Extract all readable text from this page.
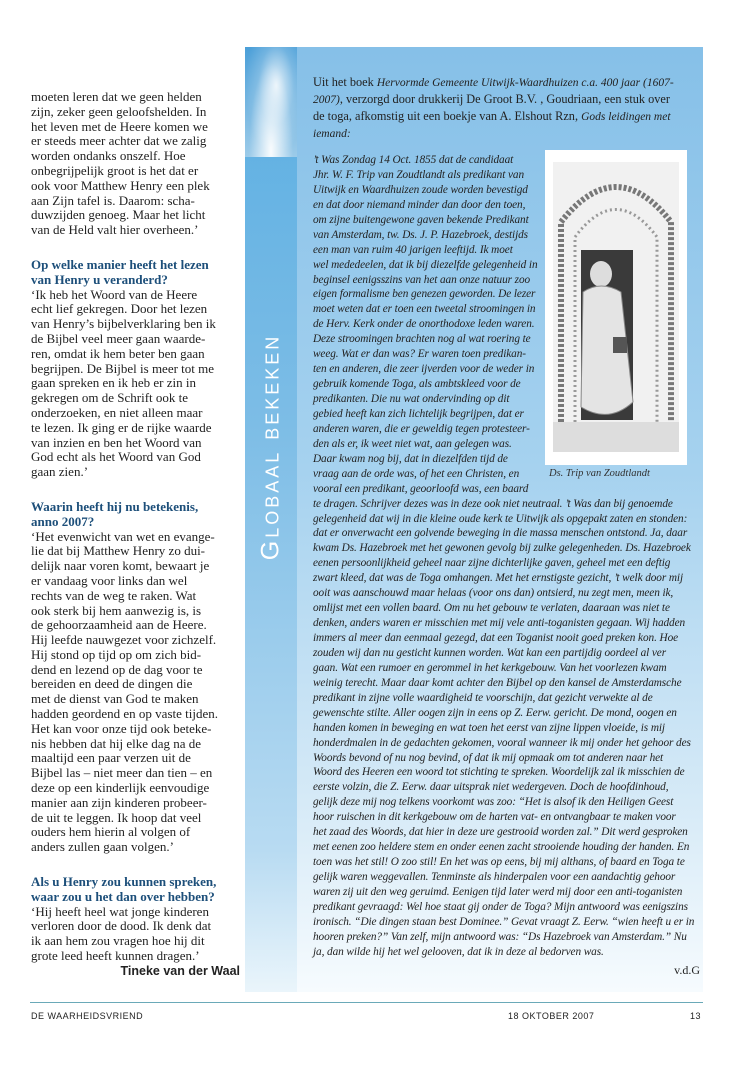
moeten leren dat we geen helden
zijn, zeker geen geloofshelden. In
het leven met de Heere komen we
er steeds meer achter dat we zalig
worden ondanks onszelf. Hoe
onbegrijpelijk groot is het dat er
ook voor Matthew Henry een plek
aan Zijn tafel is. Daarom: scha-
duwzijden genoeg. Maar het licht
van de Held valt hier overheen.’
Op welke manier heeft het lezen
van Henry u veranderd?
‘Ik heb het Woord van de Heere
echt lief gekregen. Door het lezen
van Henry’s bijbelverklaring ben ik
de Bijbel veel meer gaan waarde-
ren, omdat ik hem beter ben gaan
begrijpen. De Bijbel is meer tot me
gaan spreken en ik heb er zin in
gekregen om de Schrift ook te
onderzoeken, en niet alleen maar
te lezen. Ik ging er de rijke waarde
van inzien en ben het Woord van
God echt als het Woord van God
gaan zien.’
Waarin heeft hij nu betekenis,
anno 2007?
‘Het evenwicht van wet en evange-
lie dat bij Matthew Henry zo dui-
delijk naar voren komt, bewaart je
er vandaag voor links dan wel
rechts van de weg te raken. Wat
ook sterk bij hem aanwezig is, is
de gehoorzaamheid aan de Heere.
Hij leefde nauwgezet voor zichzelf.
Hij stond op tijd op om zich bid-
dend en lezend op de dag voor te
bereiden en deed de dingen die
met de dienst van God te maken
hadden geordend en op vaste tijden.
Het kan voor onze tijd ook beteke-
nis hebben dat hij elke dag na de
maaltijd een paar verzen uit de
Bijbel las – niet meer dan tien – en
deze op een kinderlijk eenvoudige
manier aan zijn kinderen probeer-
de uit te leggen. Ik hoop dat veel
ouders hem hierin al volgen of
anders zullen gaan volgen.’
Als u Henry zou kunnen spreken,
waar zou u het dan over hebben?
‘Hij heeft heel wat jonge kinderen
verloren door de dood. Ik denk dat
ik aan hem zou vragen hoe hij dit
grote leed heeft kunnen dragen.’
Tineke van der Waal
Globaal bekeken
Uit het boek Hervormde Gemeente Uitwijk-Waardhuizen c.a. 400 jaar (1607-
2007), verzorgd door drukkerij De Groot B.V. , Goudriaan, een stuk over
de toga, afkomstig uit een boekje van A. Elshout Rzn, Gods leidingen met
iemand:
’t Was Zondag 14 Oct. 1855 dat de candidaat
Jhr. W. F. Trip van Zoudtlandt als predikant van
Uitwijk en Waardhuizen zoude worden bevestigd
en dat door niemand minder dan door den toen,
om zijne buitengewone gaven bekende Predikant
van Amsterdam, tw. Ds. J. P. Hazebroek, destijds
een man van ruim 40 jarigen leeftijd. Ik moet
wel mededeelen, dat ik bij diezelfde gelegenheid in
beginsel eenigsszins van het aan onze natuur zoo
eigen formalisme ben genezen geworden. De lezer
moet weten dat er toen een tweetal stroomingen in
de Herv. Kerk onder de onorthodoxe leden waren.
Deze stroomingen brachten nog al wat roering te
weeg. Wat er dan was? Er waren toen predikan-
ten en anderen, die zeer ijverden voor de weder in
gebruik komende Toga, als ambtskleed voor de
predikanten. Die nu wat ondervinding op dit
gebied heeft kan zich lichtelijk begrijpen, dat er
anderen waren, die er geweldig tegen protesteer-
den als er, ik weet niet wat, aan gelegen was.
Daar kwam nog bij, dat in diezelfden tijd de
vraag aan de orde was, of het een Christen, en
vooral een predikant, geoorloofd was, een baard
te dragen. Schrijver dezes was in deze ook niet neutraal. ’t Was dan bij genoemde
gelegenheid dat wij in die kleine oude kerk te Uitwijk als opgepakt zaten en stonden:
dat er onverwacht een golvende beweging in die massa menschen ontstond. Ja, daar
kwam Ds. Hazebroek met het gewonen gevolg bij zulke gelegenheden. Ds. Hazebroek
eenen persoonlijkheid geheel naar zijne dichterlijke gaven, geheel met een deftig
zwart kleed, dat was de Toga omhangen. Met het ernstigste gezicht, ’t welk door mij
ooit was aanschouwd maar helaas (voor ons dan) ontsierd, nu zegt men, meen ik,
omlijst met een vollen baard. Om nu het gebouw te verlaten, daaraan was niet te
denken, anders waren er misschien met mij vele anti-toganisten gegaan. Wij hadden
immers al meer dan eenmaal gezegd, dat een Toganist nooit goed preken kon. Hoe
zouden wij dan nu gesticht kunnen worden. Wat kan een partijdig oordeel al ver
gaan. Wat een rumoer en gerommel in het kerkgebouw. Van het voorlezen kwam
weinig terecht. Maar daar komt achter den Bijbel op den kansel de Amsterdamsche
predikant in zijne volle waardigheid te voorschijn, dat gezicht verwekte al de
gewenschte stilte. Aller oogen zijn in eens op Z. Eerw. gericht. De mond, oogen en
handen komen in beweging en wat toen het eerst van zijne lippen vloeide, is mij
honderdmalen in de gedachten gekomen, vooral wanneer ik mij onder het gehoor des
Woords bevond of nu nog bevind, of dat ik mij opmaak om tot anderen naar het
Woord des Heeren een woord tot stichting te spreken. Woordelijk zal ik misschien de
eerste volzin, die Z. Eerw. daar uitsprak niet wedergeven. Doch de hoofdinhoud,
gelijk deze mij nog telkens voorkomt was zoo: “Het is alsof ik den Heiligen Geest
hoor ruischen in dit kerkgebouw om de harten vat- en ontvangbaar te maken voor
het zaad des Woords, dat hier in deze ure gestrooid worden zal.” Dit werd gesproken
met eenen zoo heldere stem en onder eenen zacht strooiende houding der handen. En
toen was het stil! O zoo stil! En het was op eens, bij mij althans, of baard en Toga te
gelijk waren weggevallen. Tenminste als hinderpalen voor een aandachtig gehoor
waren zij uit den weg geruimd. Eenigen tijd later werd mij door een anti-toganisten
predikant gevraagd: Wel hoe staat gij onder de Toga? Mijn antwoord was eenigszins
ironisch. “Die dingen staan best Dominee.” Gevat vraagt Z. Eerw. “wien heeft u er in
hooren preken?” Van zelf, mijn antwoord was: “Ds Hazebroek van Amsterdam.” Nu
ja, dan wilde hij het wel gelooven, dat ik in deze al bedorven was.
Ds. Trip van Zoudtlandt
v.d.G
DE WAARHEIDSVRIEND	18 OKTOBER 2007	13
